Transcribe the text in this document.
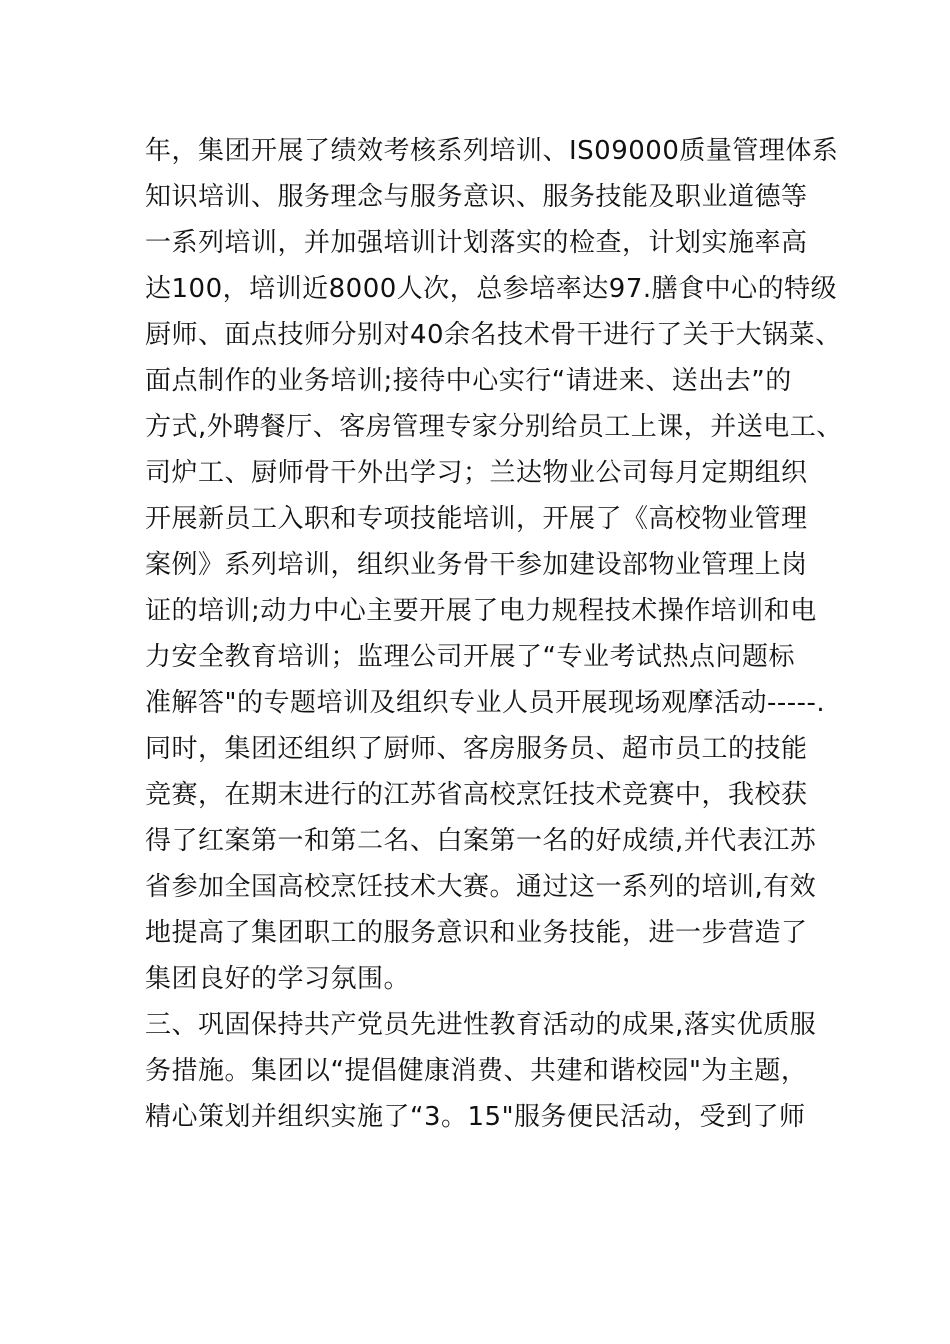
年，集团开展了绩效考核系列培训、IS09000质量管理体系
知识培训、服务理念与服务意识、服务技能及职业道德等
一系列培训，并加强培训计划落实的检查，计划实施率高
达100，培训近8000人次，总参培率达97.膳食中心的特级
厨师、面点技师分别对40余名技术骨干进行了关于大锅菜、
面点制作的业务培训;接待中心实行“请进来、送出去”的
方式,外聘餐厅、客房管理专家分别给员工上课，并送电工、
司炉工、厨师骨干外出学习；兰达物业公司每月定期组织
开展新员工入职和专项技能培训，开展了《高校物业管理
案例》系列培训，组织业务骨干参加建设部物业管理上岗
证的培训;动力中心主要开展了电力规程技术操作培训和电
力安全教育培训；监理公司开展了“专业考试热点问题标
准解答"的专题培训及组织专业人员开展现场观摩活动-----.
同时，集团还组织了厨师、客房服务员、超市员工的技能
竞赛，在期末进行的江苏省高校烹饪技术竞赛中，我校获
得了红案第一和第二名、白案第一名的好成绩,并代表江苏
省参加全国高校烹饪技术大赛。通过这一系列的培训,有效
地提高了集团职工的服务意识和业务技能，进一步营造了
集团良好的学习氛围。
三、巩固保持共产党员先进性教育活动的成果,落实优质服
务措施。集团以“提倡健康消费、共建和谐校园"为主题，
精心策划并组织实施了“3。15"服务便民活动，受到了师
